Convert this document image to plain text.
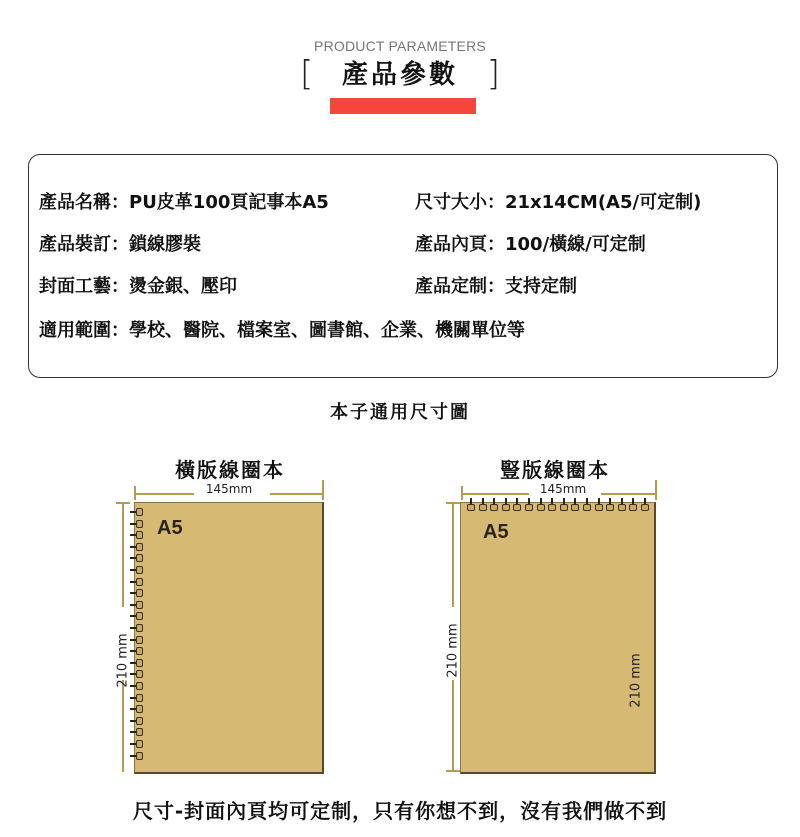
PRODUCT PARAMETERS
[	產品參數 ]
產品名稱：PU皮革100頁記事本A5	尺寸大小：21x14CM(A5/可定制)
產品裝訂：鎖線膠裝	產品內頁：100/橫線/可定制
封面工藝：燙金銀、壓印	產品定制：支持定制
適用範圍：學校、醫院、檔案室、圖書館、企業、機關單位等
本子通用尺寸圖
橫版線圈本
145mm
210 mm
A5
豎版線圈本
145mm
210 mm
A5
210 mm
尺寸-封面內頁均可定制，只有你想不到，沒有我們做不到
